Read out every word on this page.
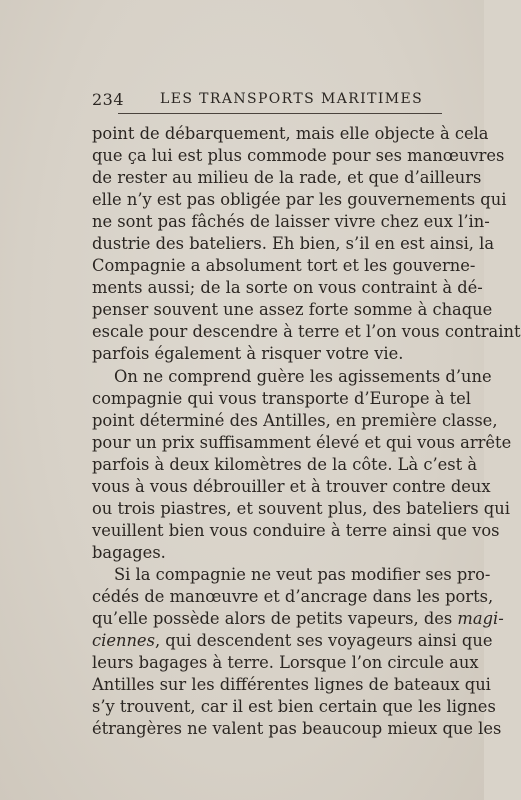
234	LES TRANSPORTS MARITIMES
point de débarquement, mais elle objecte à cela
que ça lui est plus commode pour ses manœuvres
de rester au milieu de la rade, et que d’ailleurs
elle n’y est pas obligée par les gouvernements qui
ne sont pas fâchés de laisser vivre chez eux l’in-
dustrie des bateliers. Eh bien, s’il en est ainsi, la
Compagnie a absolument tort et les gouverne-
ments aussi; de la sorte on vous contraint à dé-
penser souvent une assez forte somme à chaque
escale pour descendre à terre et l’on vous contraint
parfois également à risquer votre vie.
On ne comprend guère les agissements d’une
compagnie qui vous transporte d’Europe à tel
point déterminé des Antilles, en première classe,
pour un prix suffisamment élevé et qui vous arrête
parfois à deux kilomètres de la côte. Là c’est à
vous à vous débrouiller et à trouver contre deux
ou trois piastres, et souvent plus, des bateliers qui
veuillent bien vous conduire à terre ainsi que vos
bagages.
Si la compagnie ne veut pas modifier ses pro-
cédés de manœuvre et d’ancrage dans les ports,
qu’elle possède alors de petits vapeurs, des magi-
ciennes, qui descendent ses voyageurs ainsi que
leurs bagages à terre. Lorsque l’on circule aux
Antilles sur les différentes lignes de bateaux qui
s’y trouvent, car il est bien certain que les lignes
étrangères ne valent pas beaucoup mieux que les
